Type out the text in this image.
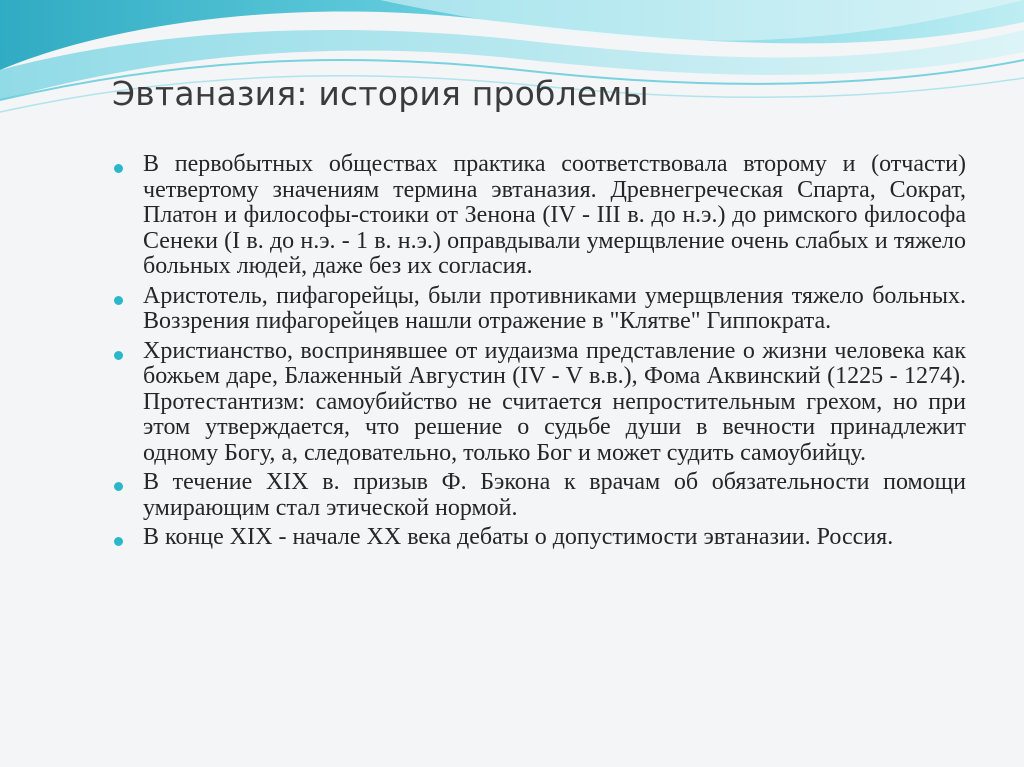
Эвтаназия: история проблемы
В первобытных обществах практика соответствовала второму и (отчасти) четвертому значениям термина эвтаназия. Древнегреческая Спарта, Сократ, Платон и философы-стоики от Зенона (IV - III в. до н.э.) до римского философа Сенеки (I в. до н.э. - 1 в. н.э.) оправдывали умерщвление очень слабых и тяжело больных людей, даже без их согласия.
Аристотель, пифагорейцы, были противниками умерщвления тяжело больных. Воззрения пифагорейцев нашли отражение в "Клятве" Гиппократа.
Христианство, воспринявшее от иудаизма представление о жизни человека как божьем даре, Блаженный Августин (IV - V в.в.), Фома Аквинский (1225 - 1274). Протестантизм: самоубийство не считается непростительным грехом, но при этом утверждается, что решение о судьбе души в вечности принадлежит одному Богу, а, следовательно, только Бог и может судить самоубийцу.
В течение XIX в. призыв Ф. Бэкона к врачам об обязательности помощи умирающим стал этической нормой.
В конце XIX - начале XX века дебаты о допустимости эвтаназии. Россия.
